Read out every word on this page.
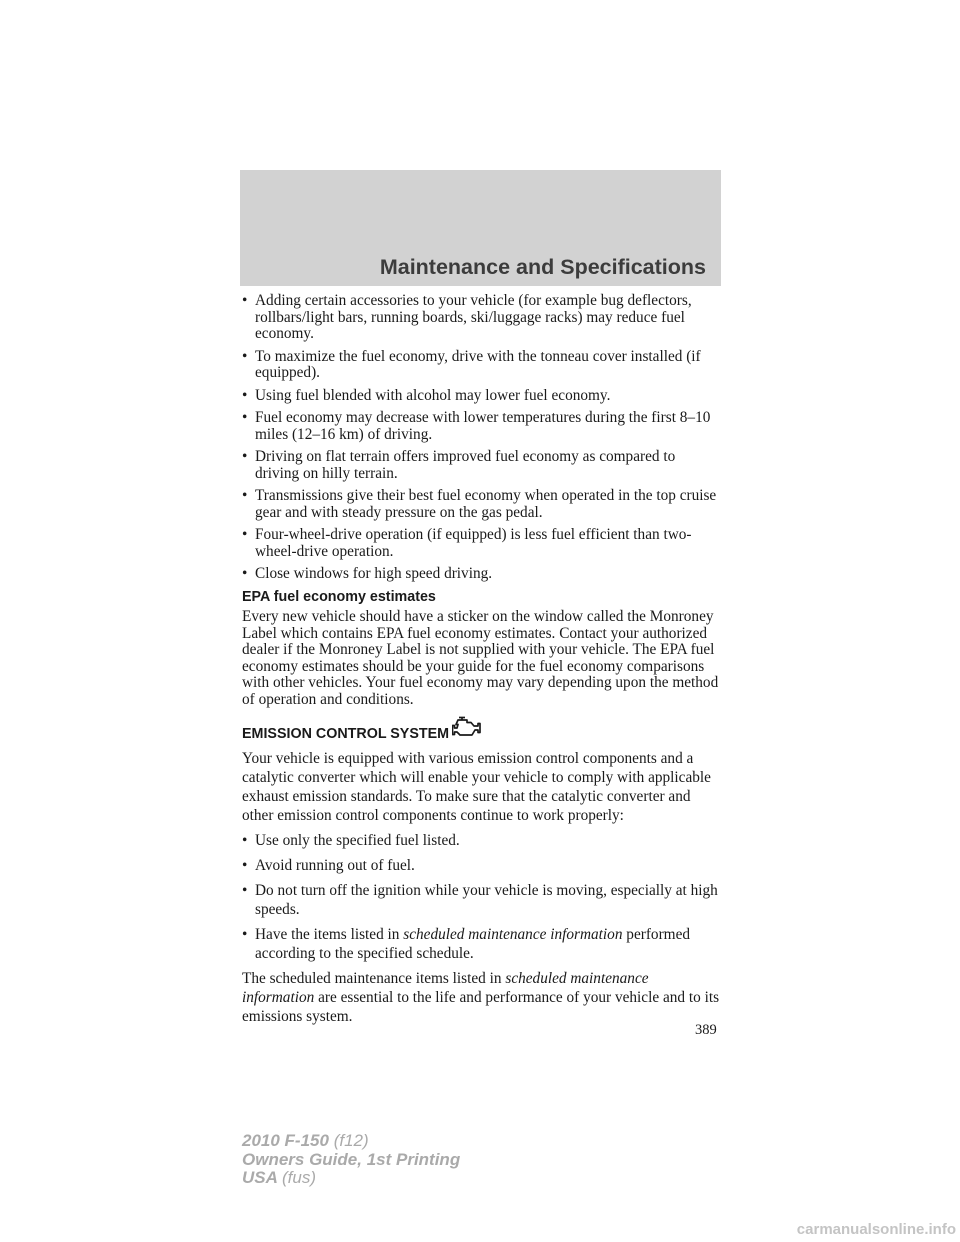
Maintenance and Specifications
• Adding certain accessories to your vehicle (for example bug deflectors, rollbars/light bars, running boards, ski/luggage racks) may reduce fuel economy.
• To maximize the fuel economy, drive with the tonneau cover installed (if equipped).
• Using fuel blended with alcohol may lower fuel economy.
• Fuel economy may decrease with lower temperatures during the first 8–10 miles (12–16 km) of driving.
• Driving on flat terrain offers improved fuel economy as compared to driving on hilly terrain.
• Transmissions give their best fuel economy when operated in the top cruise gear and with steady pressure on the gas pedal.
• Four-wheel-drive operation (if equipped) is less fuel efficient than two-wheel-drive operation.
• Close windows for high speed driving.
EPA fuel economy estimates
Every new vehicle should have a sticker on the window called the Monroney Label which contains EPA fuel economy estimates. Contact your authorized dealer if the Monroney Label is not supplied with your vehicle. The EPA fuel economy estimates should be your guide for the fuel economy comparisons with other vehicles. Your fuel economy may vary depending upon the method of operation and conditions.
EMISSION CONTROL SYSTEM
Your vehicle is equipped with various emission control components and a catalytic converter which will enable your vehicle to comply with applicable exhaust emission standards. To make sure that the catalytic converter and other emission control components continue to work properly:
• Use only the specified fuel listed.
• Avoid running out of fuel.
• Do not turn off the ignition while your vehicle is moving, especially at high speeds.
• Have the items listed in scheduled maintenance information performed according to the specified schedule.
The scheduled maintenance items listed in scheduled maintenance information are essential to the life and performance of your vehicle and to its emissions system.
389
2010 F-150 (f12)
Owners Guide, 1st Printing
USA (fus)
carmanualsonline.info
